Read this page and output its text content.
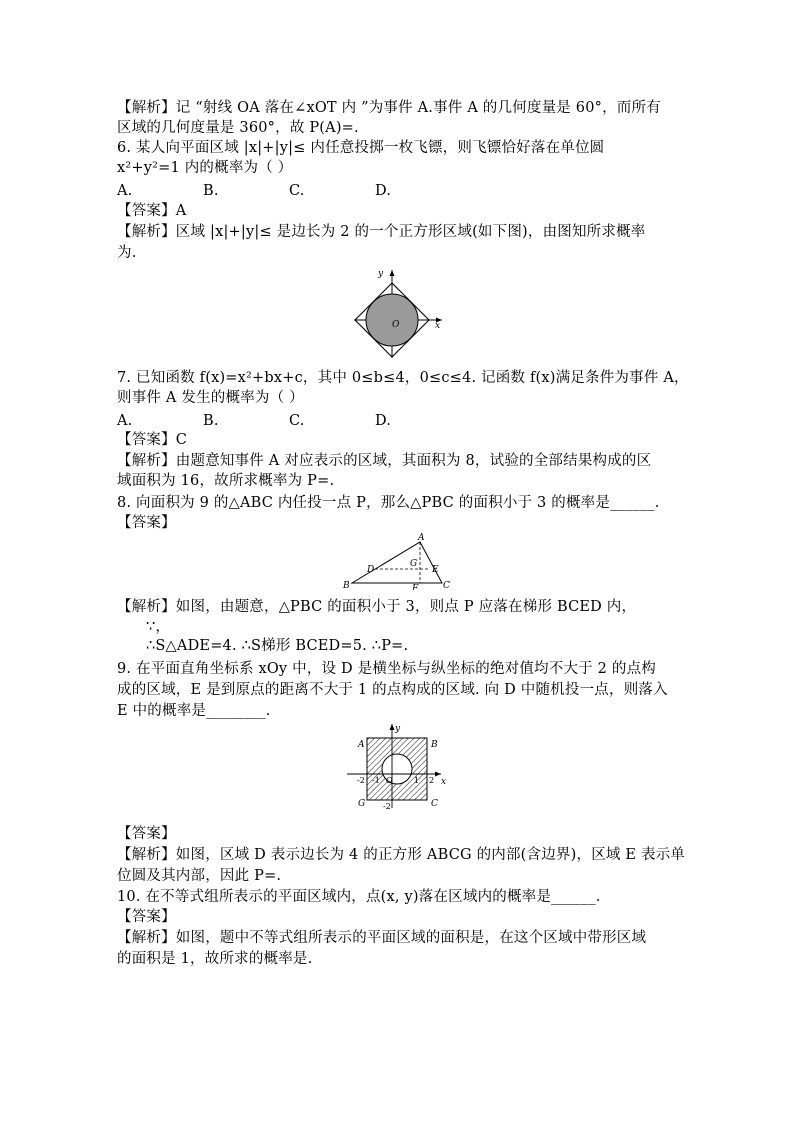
【解析】记 “射线 OA 落在∠xOT 内 ”为事件 A.事件 A 的几何度量是 60°，而所有
区域的几何度量是 360°，故 P(A)=.
6. 某人向平面区域 |x|+|y|≤ 内任意投掷一枚飞镖，则飞镖恰好落在单位圆
x²+y²=1 内的概率为（ ）
A.	B.	C.	D.
【答案】A
【解析】区域 |x|+|y|≤ 是边长为 2 的一个正方形区域(如下图)，由图知所求概率
为.
y
x
O
7. 已知函数 f(x)=x²+bx+c，其中 0≤b≤4，0≤c≤4. 记函数 f(x)满足条件为事件 A，
则事件 A 发生的概率为（ ）
A.	B.	C.	D.
【答案】C
【解析】由题意知事件 A 对应表示的区域，其面积为 8，试验的全部结果构成的区
域面积为 16，故所求概率为 P=.
8. 向面积为 9 的△ABC 内任投一点 P，那么△PBC 的面积小于 3 的概率是______.
【答案】
A
B	C
D	E
F
G
【解析】如图，由题意，△PBC 的面积小于 3，则点 P 应落在梯形 BCED 内，
∵，
∴S△ADE=4. ∴S梯形 BCED=5. ∴P=.
9. 在平面直角坐标系 xOy 中，设 D 是横坐标与纵坐标的绝对值均不大于 2 的点构
成的区域，E 是到原点的距离不大于 1 的点构成的区域. 向 D 中随机投一点，则落入
E 中的概率是________.
A	B
C
G
y
x
O
-2 -1	1 2
-2
【答案】
【解析】如图，区域 D 表示边长为 4 的正方形 ABCG 的内部(含边界)，区域 E 表示单
位圆及其内部，因此 P=.
10. 在不等式组所表示的平面区域内，点(x, y)落在区域内的概率是______.
【答案】
【解析】如图，题中不等式组所表示的平面区域的面积是，在这个区域中带形区域
的面积是 1，故所求的概率是.
